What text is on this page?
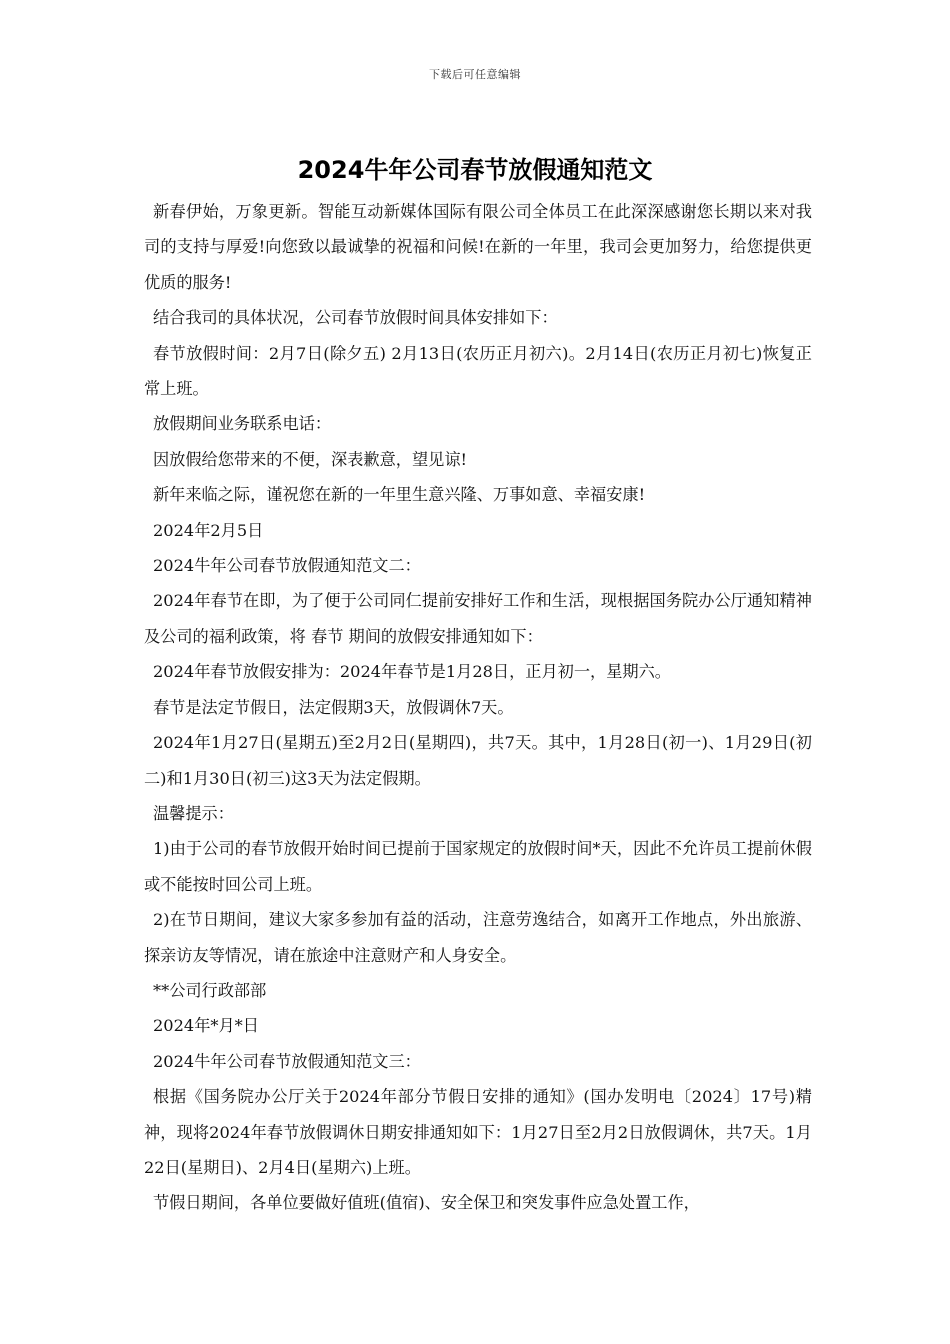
下载后可任意编辑
2024牛年公司春节放假通知范文

新春伊始，万象更新。智能互动新媒体国际有限公司全体员工在此深深感谢您长期以来对我司的支持与厚爱!向您致以最诚挚的祝福和问候!在新的一年里，我司会更加努力，给您提供更优质的服务!

结合我司的具体状况，公司春节放假时间具体安排如下：

春节放假时间：2月7日(除夕五) 2月13日(农历正月初六)。2月14日(农历正月初七)恢复正常上班。

放假期间业务联系电话：

因放假给您带来的不便，深表歉意，望见谅!

新年来临之际，谨祝您在新的一年里生意兴隆、万事如意、幸福安康!

2024年2月5日

2024牛年公司春节放假通知范文二：

2024年春节在即，为了便于公司同仁提前安排好工作和生活，现根据国务院办公厅通知精神及公司的福利政策，将 春节 期间的放假安排通知如下：

2024年春节放假安排为：2024年春节是1月28日，正月初一，星期六。

春节是法定节假日，法定假期3天，放假调休7天。

2024年1月27日(星期五)至2月2日(星期四)，共7天。其中，1月28日(初一)、1月29日(初二)和1月30日(初三)这3天为法定假期。

温馨提示：

1)由于公司的春节放假开始时间已提前于国家规定的放假时间*天，因此不允许员工提前休假或不能按时回公司上班。

2)在节日期间，建议大家多参加有益的活动，注意劳逸结合，如离开工作地点，外出旅游、探亲访友等情况，请在旅途中注意财产和人身安全。

**公司行政部部

2024年*月*日

2024牛年公司春节放假通知范文三：

根据《国务院办公厅关于2024年部分节假日安排的通知》(国办发明电〔2024〕17号)精神，现将2024年春节放假调休日期安排通知如下：1月27日至2月2日放假调休，共7天。1月22日(星期日)、2月4日(星期六)上班。

节假日期间，各单位要做好值班(值宿)、安全保卫和突发事件应急处置工作，
